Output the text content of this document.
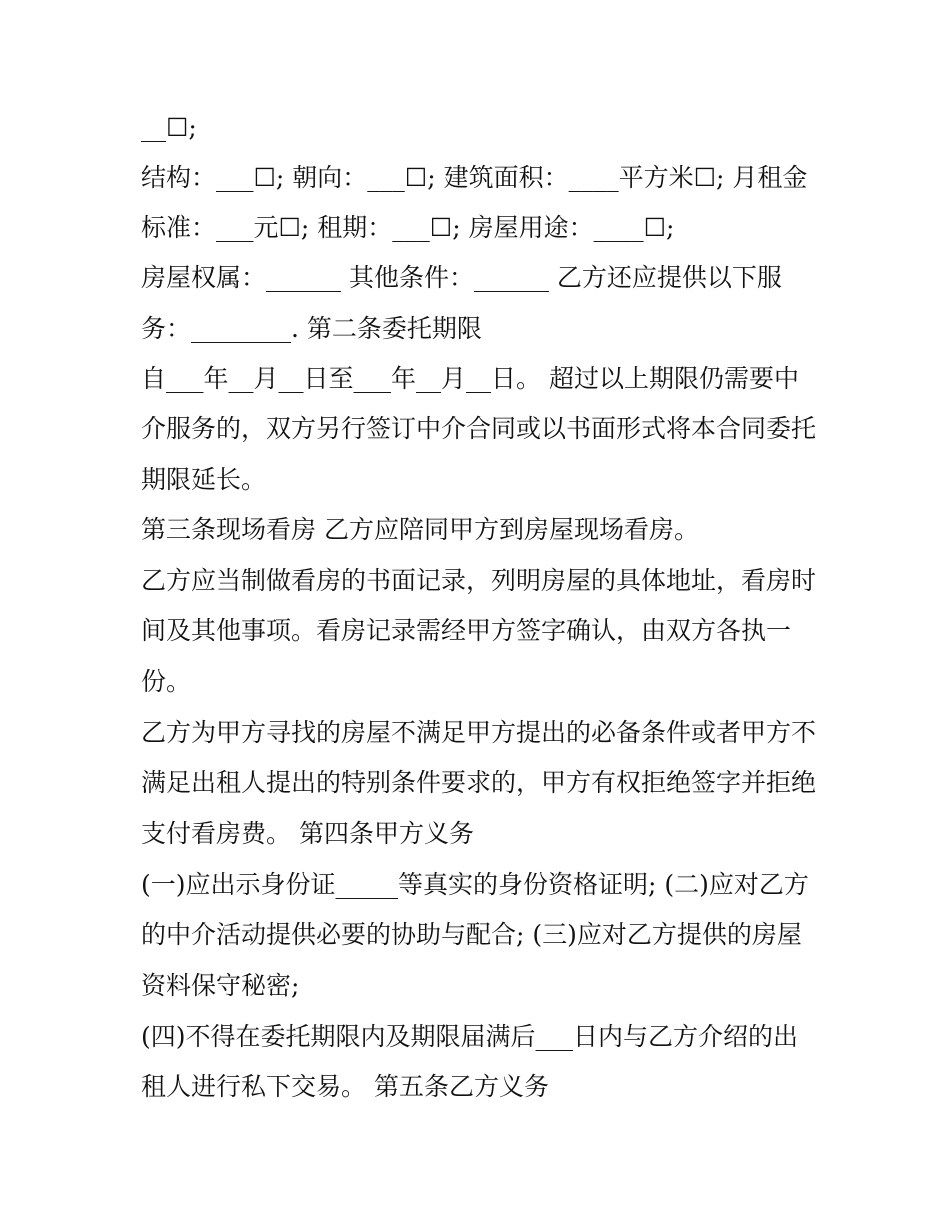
__☐;
结构：___☐; 朝向：___☐; 建筑面积：____平方米☐; 月租金
标准：___元☐; 租期：___☐; 房屋用途：____☐;
房屋权属：______ 其他条件：______ 乙方还应提供以下服
务：________. 第二条委托期限
自___年__月__日至___年__月__日。 超过以上期限仍需要中
介服务的，双方另行签订中介合同或以书面形式将本合同委托
期限延长。
第三条现场看房 乙方应陪同甲方到房屋现场看房。
乙方应当制做看房的书面记录，列明房屋的具体地址，看房时
间及其他事项。看房记录需经甲方签字确认，由双方各执一
份。
乙方为甲方寻找的房屋不满足甲方提出的必备条件或者甲方不
满足出租人提出的特别条件要求的，甲方有权拒绝签字并拒绝
支付看房费。 第四条甲方义务
(一)应出示身份证_____等真实的身份资格证明; (二)应对乙方
的中介活动提供必要的协助与配合; (三)应对乙方提供的房屋
资料保守秘密;
(四)不得在委托期限内及期限届满后___日内与乙方介绍的出
租人进行私下交易。 第五条乙方义务
